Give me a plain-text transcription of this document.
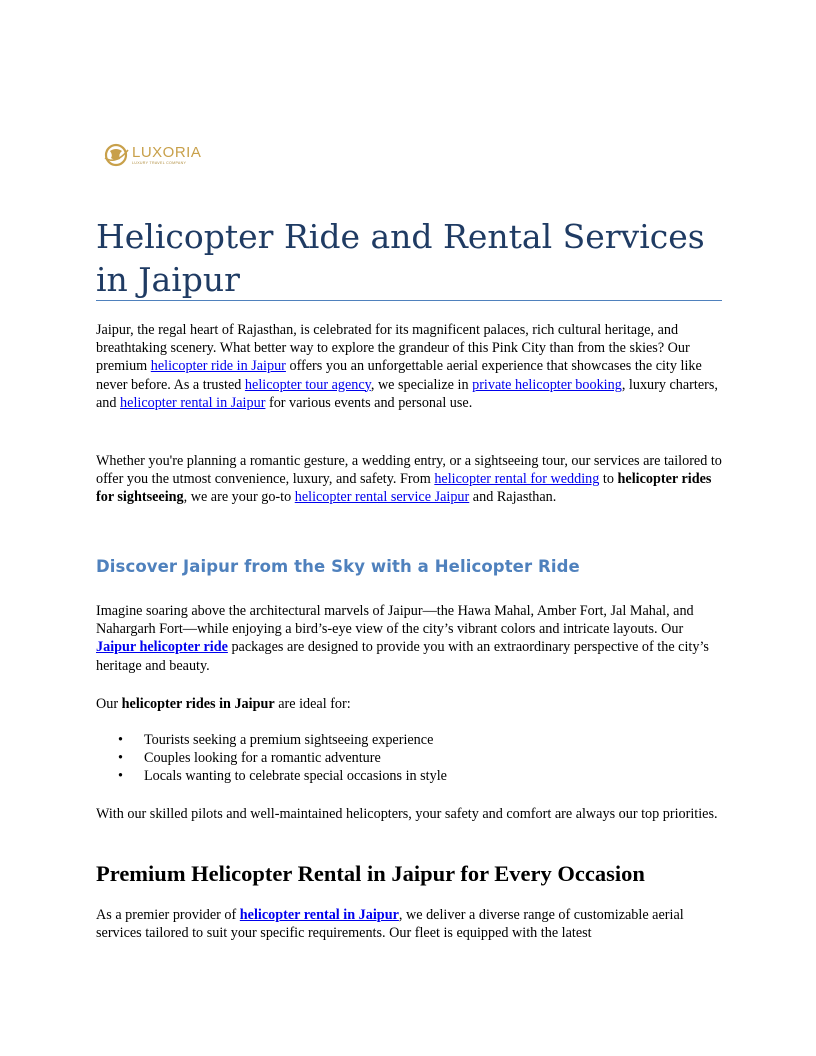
LUXORIA
LUXURY TRAVEL COMPANY
Helicopter Ride and Rental Services in Jaipur

Jaipur, the regal heart of Rajasthan, is celebrated for its magnificent palaces, rich cultural heritage, and breathtaking scenery. What better way to explore the grandeur of this Pink City than from the skies? Our premium helicopter ride in Jaipur offers you an unforgettable aerial experience that showcases the city like never before. As a trusted helicopter tour agency, we specialize in private helicopter booking, luxury charters, and helicopter rental in Jaipur for various events and personal use.

Whether you're planning a romantic gesture, a wedding entry, or a sightseeing tour, our services are tailored to offer you the utmost convenience, luxury, and safety. From helicopter rental for wedding to helicopter rides for sightseeing, we are your go-to helicopter rental service Jaipur and Rajasthan.

Discover Jaipur from the Sky with a Helicopter Ride

Imagine soaring above the architectural marvels of Jaipur—the Hawa Mahal, Amber Fort, Jal Mahal, and Nahargarh Fort—while enjoying a bird’s-eye view of the city’s vibrant colors and intricate layouts. Our Jaipur helicopter ride packages are designed to provide you with an extraordinary perspective of the city’s heritage and beauty.

Our helicopter rides in Jaipur are ideal for:

• Tourists seeking a premium sightseeing experience
• Couples looking for a romantic adventure
• Locals wanting to celebrate special occasions in style

With our skilled pilots and well-maintained helicopters, your safety and comfort are always our top priorities.

Premium Helicopter Rental in Jaipur for Every Occasion

As a premier provider of helicopter rental in Jaipur, we deliver a diverse range of customizable aerial services tailored to suit your specific requirements. Our fleet is equipped with the latest
